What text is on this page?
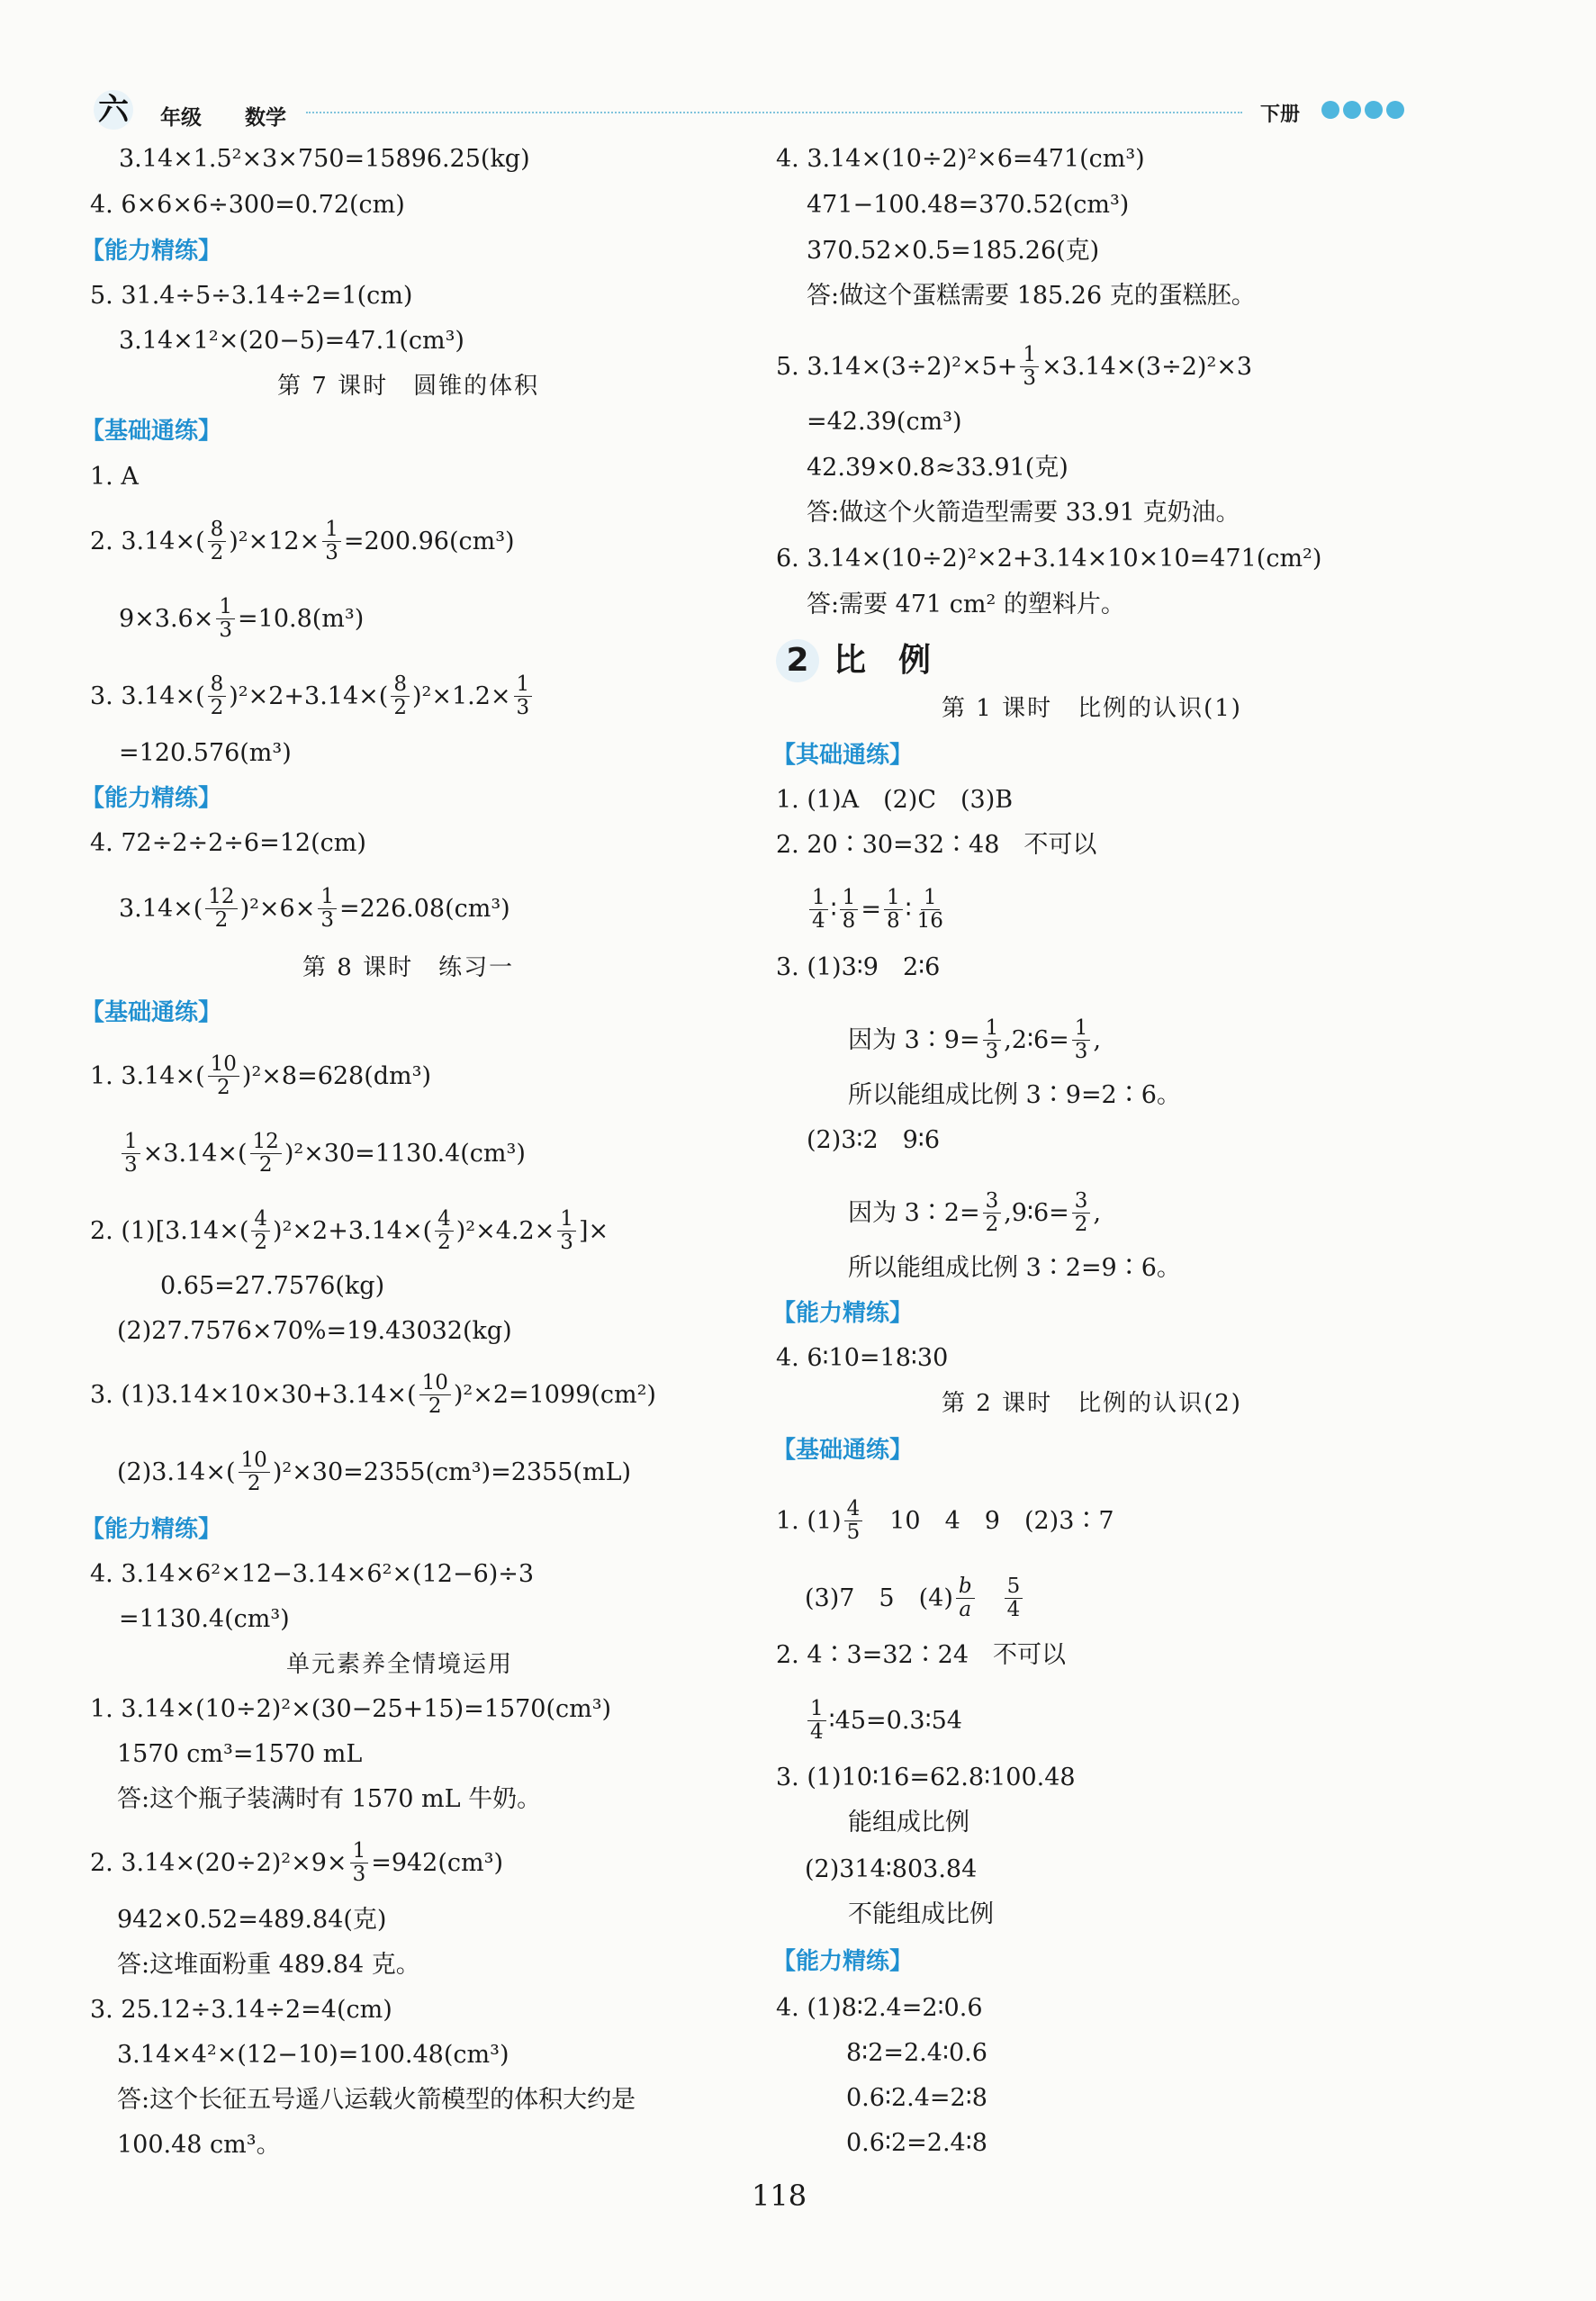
六 年级 数学	下册
3.14×1.5²×3×750=15896.25(kg)
4. 6×6×6÷300=0.72(cm)
【能力精练】
5. 31.4÷5÷3.14÷2=1(cm)
3.14×1²×(20−5)=47.1(cm³)
第 7 课时　圆锥的体积
【基础通练】
1. A
2. $3.14\times( \frac{8}{2} )^2\times 12\times \frac{1}{3} =200.96(cm^3)$
$9\times 3.6\times \frac{1}{3} =10.8(m^3)$
3. $3.14\times( \frac{8}{2} )^2\times 2+3.14\times( \frac{8}{2} )^2\times 1.2\times \frac{1}{3}$
=120.576(m³)
【能力精练】
4. 72÷2÷2÷6=12(cm)
$3.14\times( \frac{12}{2} )^2\times 6\times \frac{1}{3} =226.08(cm^3)$
第 8 课时　练习一
【基础通练】
1. $3.14\times( \frac{10}{2} )^2\times 8=628(dm^3)$
$\frac{1}{3} \times 3.14\times( \frac{12}{2} )^2\times 30=1130.4(cm^3)$
2. $(1)[3.14\times( \frac{4}{2} )^2\times 2+3.14\times( \frac{4}{2} )^2\times 4.2\times \frac{1}{3}$ ]×
0.65=27.7576(kg)
(2)27.7576×70%=19.43032(kg)
3. $(1)3.14\times 10\times 30+3.14\times( \frac{10}{2} )^2\times 2=1099(cm^2)$
$(2)3.14\times( \frac{10}{2} )^2\times 30=2355(cm^3)=2355(mL)$
【能力精练】
4. 3.14×6²×12−3.14×6²×(12−6)÷3
=1130.4(cm³)
单元素养全情境运用
1. 3.14×(10÷2)²×(30−25+15)=1570(cm³)
1570 cm³=1570 mL
答:这个瓶子装满时有 1570 mL 牛奶。
2. $3.14\times(20\div 2)^2\times 9\times \frac{1}{3} =942(cm^3)$
942×0.52=489.84(克)
答:这堆面粉重 489.84 克。
3. 25.12÷3.14÷2=4(cm)
3.14×4²×(12−10)=100.48(cm³)
答:这个长征五号遥八运载火箭模型的体积大约是
100.48 cm³。
4. 3.14×(10÷2)²×6=471(cm³)
471−100.48=370.52(cm³)
370.52×0.5=185.26(克)
答:做这个蛋糕需要 185.26 克的蛋糕胚。
5. $3.14\times(3\div 2)^2\times 5+ \frac{1}{3} \times 3.14\times(3\div 2)^2\times 3$
=42.39(cm³)
42.39×0.8≈33.91(克)
答:做这个火箭造型需要 33.91 克奶油。
6. 3.14×(10÷2)²×2+3.14×10×10=471(cm²)
答:需要 471 cm² 的塑料片。
2 比　例
第 1 课时　比例的认识(1)
【其础通练】
1. (1)A　(2)C　(3)B
2. 20∶30=32∶48　不可以
$\frac{1}{4}$ ∶ $\frac{1}{8} = \frac{1}{8}$ ∶ $\frac{1}{16}$
3. (1)3∶9　2∶6
因为 3∶9= $\frac{1}{3}$ ,2∶6= $\frac{1}{3}$ ,
所以能组成比例 3∶9=2∶6。
(2)3∶2　9∶6
因为 3∶2= $\frac{3}{2}$ ,9∶6= $\frac{3}{2}$ ,
所以能组成比例 3∶2=9∶6。
【能力精练】
4. 6∶10=18∶30
第 2 课时　比例的认识(2)
【基础通练】
1. $(1) \frac{4}{5}$ 　10　4　9　(2)3∶7
(3)7　5　$(4) \frac{b}{a}$
　 $\frac{5}{4}$
2. 4∶3=32∶24　不可以
$\frac{1}{4}$ ∶45=0.3∶54
3. (1)10∶16=62.8∶100.48
能组成比例
(2)314∶803.84
不能组成比例
【能力精练】
4. (1)8∶2.4=2∶0.6
8∶2=2.4∶0.6
0.6∶2.4=2∶8
0.6∶2=2.4∶8
118
